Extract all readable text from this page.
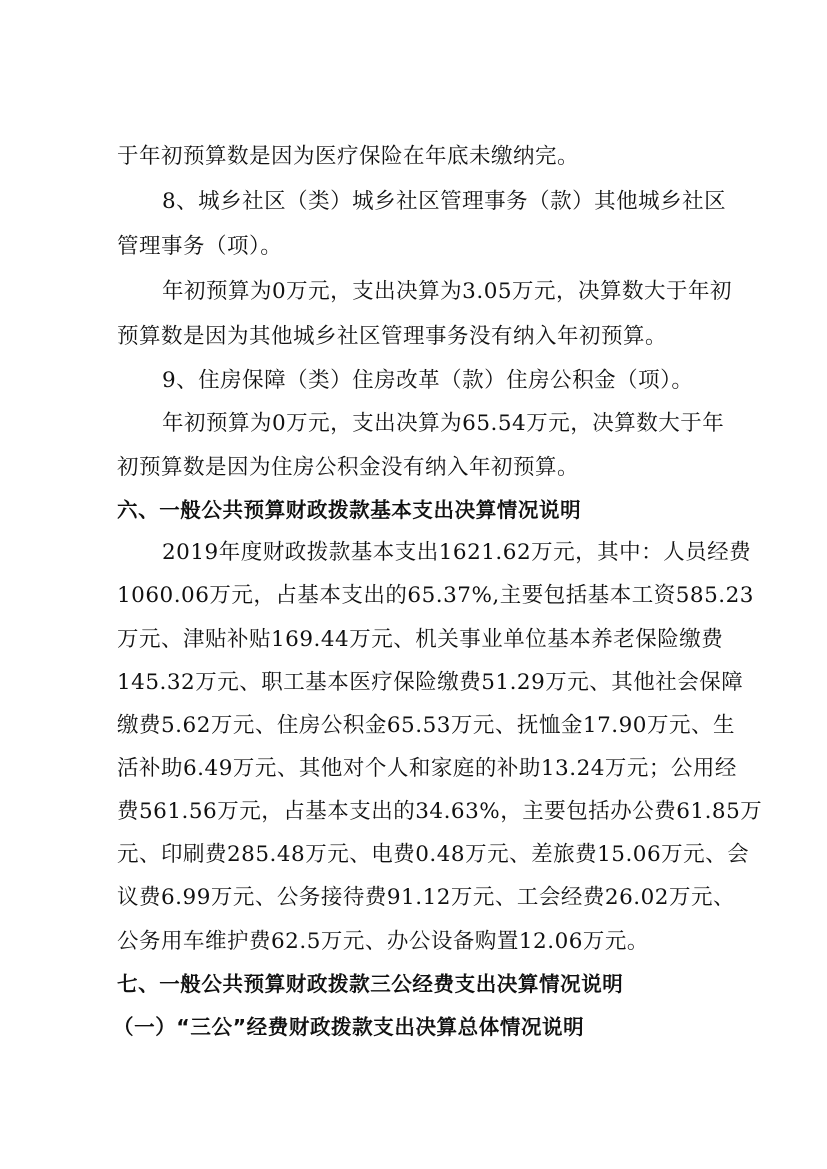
于年初预算数是因为医疗保险在年底未缴纳完。
8、城乡社区（类）城乡社区管理事务（款）其他城乡社区
管理事务（项）。
年初预算为0万元，支出决算为3.05万元，决算数大于年初
预算数是因为其他城乡社区管理事务没有纳入年初预算。
9、住房保障（类）住房改革（款）住房公积金（项）。
年初预算为0万元，支出决算为65.54万元，决算数大于年
初预算数是因为住房公积金没有纳入年初预算。
六、一般公共预算财政拨款基本支出决算情况说明
2019年度财政拨款基本支出1621.62万元，其中：人员经费
1060.06万元，占基本支出的65.37%,主要包括基本工资585.23
万元、津贴补贴169.44万元、机关事业单位基本养老保险缴费
145.32万元、职工基本医疗保险缴费51.29万元、其他社会保障
缴费5.62万元、住房公积金65.53万元、抚恤金17.90万元、生
活补助6.49万元、其他对个人和家庭的补助13.24万元；公用经
费561.56万元，占基本支出的34.63%，主要包括办公费61.85万
元、印刷费285.48万元、电费0.48万元、差旅费15.06万元、会
议费6.99万元、公务接待费91.12万元、工会经费26.02万元、
公务用车维护费62.5万元、办公设备购置12.06万元。
七、一般公共预算财政拨款三公经费支出决算情况说明
（一）“三公”经费财政拨款支出决算总体情况说明
